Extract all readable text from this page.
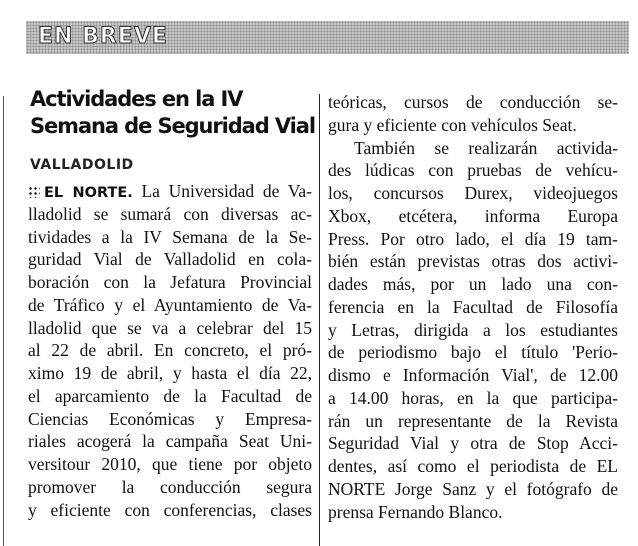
EN BREVE
Actividades en la IV
Semana de Seguridad Vial
VALLADOLID
EL NORTE. La Universidad de Va-
lladolid se sumará con diversas ac-
tividades a la IV Semana de la Se-
guridad Vial de Valladolid en cola-
boración con la Jefatura Provincial
de Tráfico y el Ayuntamiento de Va-
lladolid que se va a celebrar del 15
al 22 de abril. En concreto, el pró-
ximo 19 de abril, y hasta el día 22,
el aparcamiento de la Facultad de
Ciencias Económicas y Empresa-
riales acogerá la campaña Seat Uni-
versitour 2010, que tiene por objeto
promover la conducción segura
y eficiente con conferencias, clases
teóricas, cursos de conducción se-
gura y eficiente con vehículos Seat.
También se realizarán activida-
des lúdicas con pruebas de vehícu-
los, concursos Durex, videojuegos
Xbox, etcétera, informa Europa
Press. Por otro lado, el día 19 tam-
bién están previstas otras dos activi-
dades más, por un lado una con-
ferencia en la Facultad de Filosofía
y Letras, dirigida a los estudiantes
de periodismo bajo el título 'Perio-
dismo e Información Vial', de 12.00
a 14.00 horas, en la que participa-
rán un representante de la Revista
Seguridad Vial y otra de Stop Acci-
dentes, así como el periodista de EL
NORTE Jorge Sanz y el fotógrafo de
prensa Fernando Blanco.
